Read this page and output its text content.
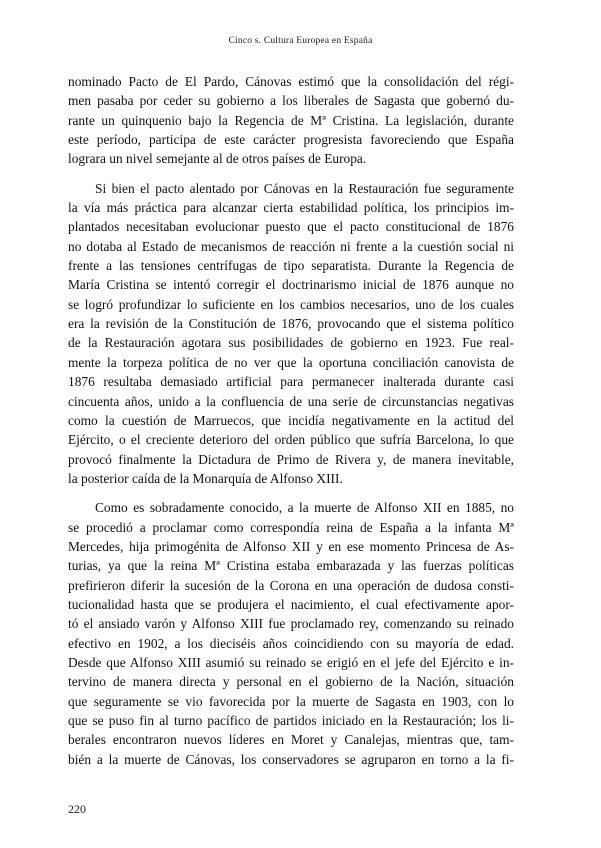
Cinco s. Cultura Europea en España

nominado Pacto de El Pardo, Cánovas estimó que la consolidación del régi-
men pasaba por ceder su gobierno a los liberales de Sagasta que gobernó du-
rante un quinquenio bajo la Regencia de Mª Cristina. La legislación, durante
este período, participa de este carácter progresista favoreciendo que España
lograra un nivel semejante al de otros países de Europa.

Si bien el pacto alentado por Cánovas en la Restauración fue seguramente
la vía más práctica para alcanzar cierta estabilidad política, los principios im-
plantados necesitaban evolucionar puesto que el pacto constitucional de 1876
no dotaba al Estado de mecanismos de reacción ni frente a la cuestión social ni
frente a las tensiones centrífugas de tipo separatista. Durante la Regencia de
María Cristina se intentó corregir el doctrinarismo inicial de 1876 aunque no
se logró profundizar lo suficiente en los cambios necesarios, uno de los cuales
era la revisión de la Constitución de 1876, provocando que el sistema político
de la Restauración agotara sus posibilidades de gobierno en 1923. Fue real-
mente la torpeza política de no ver que la oportuna conciliación canovista de
1876 resultaba demasiado artificial para permanecer inalterada durante casi
cincuenta años, unido a la confluencia de una serie de circunstancias negativas
como la cuestión de Marruecos, que incidía negativamente en la actitud del
Ejército, o el creciente deterioro del orden público que sufría Barcelona, lo que
provocó finalmente la Dictadura de Primo de Rivera y, de manera inevitable,
la posterior caída de la Monarquía de Alfonso XIII.

Como es sobradamente conocido, a la muerte de Alfonso XII en 1885, no
se procedió a proclamar como correspondía reina de España a la infanta Mª
Mercedes, hija primogénita de Alfonso XII y en ese momento Princesa de As-
turias, ya que la reina Mª Cristina estaba embarazada y las fuerzas políticas
prefirieron diferir la sucesión de la Corona en una operación de dudosa consti-
tucionalidad hasta que se produjera el nacimiento, el cual efectivamente apor-
tó el ansiado varón y Alfonso XIII fue proclamado rey, comenzando su reinado
efectivo en 1902, a los dieciséis años coincidiendo con su mayoría de edad.
Desde que Alfonso XIII asumió su reinado se erigió en el jefe del Ejército e in-
tervino de manera directa y personal en el gobierno de la Nación, situación
que seguramente se vio favorecida por la muerte de Sagasta en 1903, con lo
que se puso fin al turno pacífico de partidos iniciado en la Restauración; los li-
berales encontraron nuevos líderes en Moret y Canalejas, mientras que, tam-
bién a la muerte de Cánovas, los conservadores se agruparon en torno a la fi-

220
